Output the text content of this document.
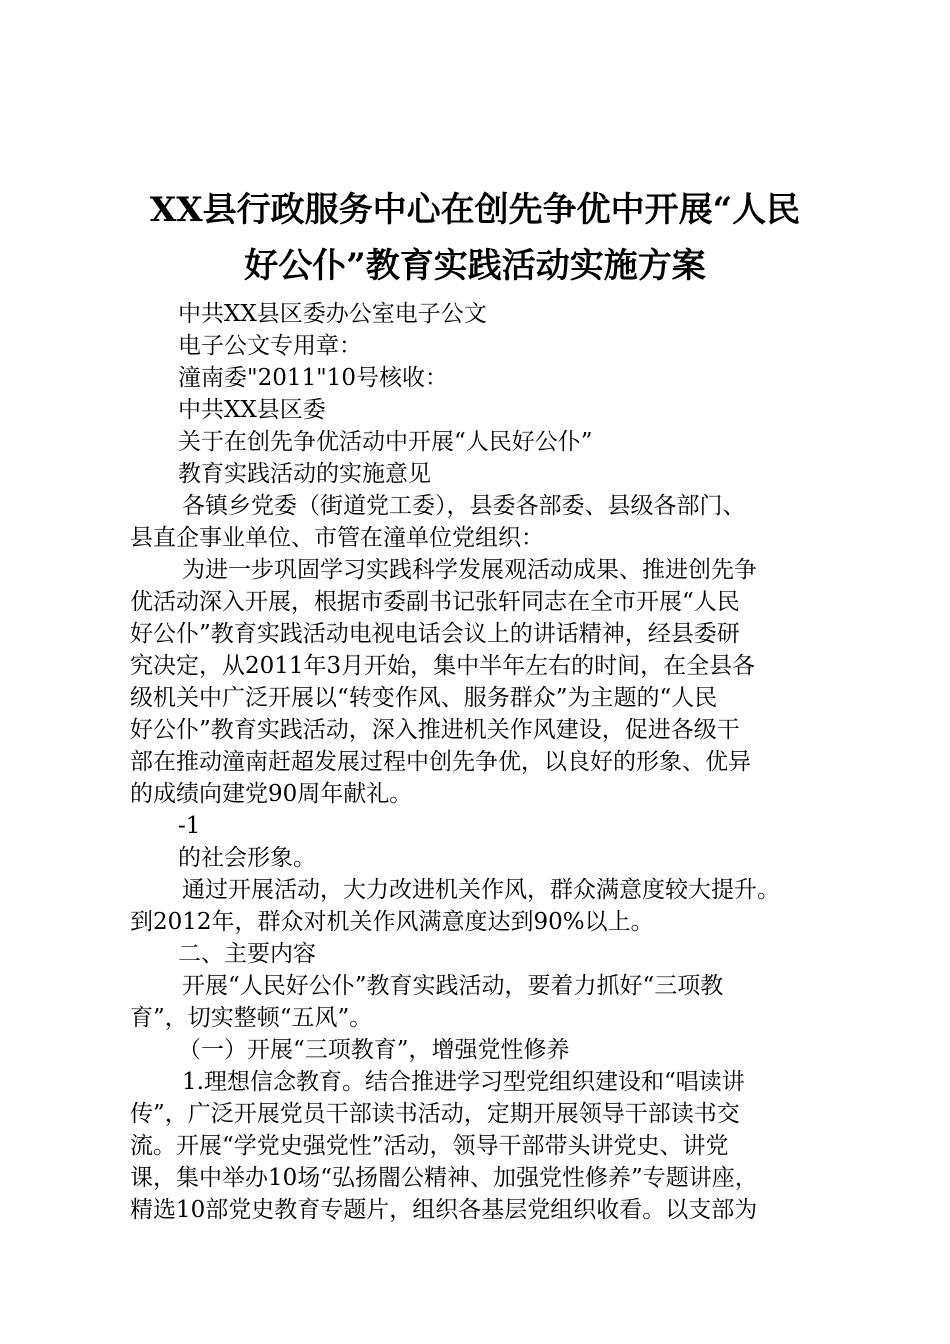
XX县行政服务中心在创先争优中开展“人民
好公仆”教育实践活动实施方案
中共XX县区委办公室电子公文
电子公文专用章：
潼南委"2011"10号核收：
中共XX县区委
关于在创先争优活动中开展“人民好公仆”
教育实践活动的实施意见
各镇乡党委（街道党工委），县委各部委、县级各部门、
县直企事业单位、市管在潼单位党组织：
为进一步巩固学习实践科学发展观活动成果、推进创先争
优活动深入开展，根据市委副书记张轩同志在全市开展“人民
好公仆”教育实践活动电视电话会议上的讲话精神，经县委研
究决定，从2011年3月开始，集中半年左右的时间，在全县各
级机关中广泛开展以“转变作风、服务群众”为主题的“人民
好公仆”教育实践活动，深入推进机关作风建设，促进各级干
部在推动潼南赶超发展过程中创先争优，以良好的形象、优异
的成绩向建党90周年献礼。
-1
的社会形象。
通过开展活动，大力改进机关作风，群众满意度较大提升。
到2012年，群众对机关作风满意度达到90%以上。
二、主要内容
开展“人民好公仆”教育实践活动，要着力抓好“三项教
育”，切实整顿“五风”。
（一）开展“三项教育”，增强党性修养
1.理想信念教育。结合推进学习型党组织建设和“唱读讲
传”，广泛开展党员干部读书活动，定期开展领导干部读书交
流。开展“学党史强党性”活动，领导干部带头讲党史、讲党
课，集中举办10场“弘扬闇公精神、加强党性修养”专题讲座，
精选10部党史教育专题片，组织各基层党组织收看。以支部为
